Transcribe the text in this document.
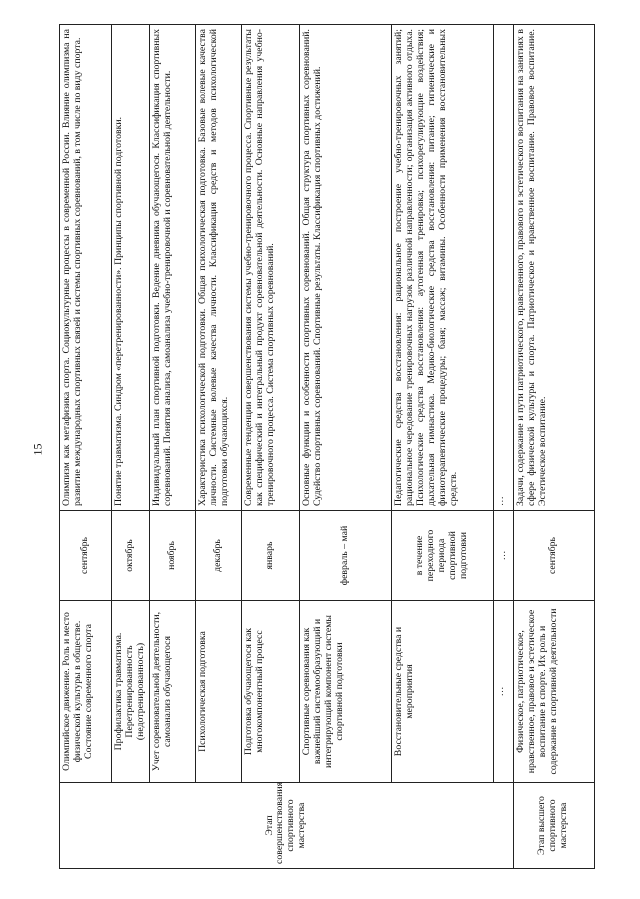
15
Этап совершенствования спортивного мастерства	Олимпийское движение. Роль и место физической культуры в обществе. Состояние современного спорта	сентябрь	Олимпизм как метафизика спорта. Социокультурные процессы в современной России. Влияние олимпизма на развитие международных спортивных связей и системы спортивных соревнований, в том числе по виду спорта.

	Профилактика травматизма. Перетренированность (недотренированность)	октябрь	Понятие травматизма. Синдром «перетренированности». Принципы спортивной подготовки.

	Учет соревновательной деятельности, самоанализ обучающегося	ноябрь	Индивидуальный план спортивной подготовки. Ведение дневника обучающегося. Классификация спортивных соревнований. Понятия анализа, самоанализа учебно-тренировочной и соревновательной деятельности.

	Психологическая подготовка	декабрь	Характеристика психологической подготовки. Общая психологическая подготовка. Базовые волевые качества личности. Системные волевые качества личности. Классификация средств и методов психологической подготовки обучающихся.

	Подготовка обучающегося как многокомпонентный процесс	январь	Современные тенденции совершенствования системы учебно-тренировочного процесса. Спортивные результаты как специфический и интегральный продукт соревновательной деятельности. Основные направления учебно-тренировочного процесса. Система спортивных соревнований.

	Спортивные соревнования как важнейший системообразующий и интегрирующий компонент системы спортивной подготовки	февраль – май	Основные функции и особенности спортивных соревнований. Общая структура спортивных соревнований. Судейство спортивных соревнований. Спортивные результаты. Классификация спортивных достижений.

	Восстановительные средства и мероприятия	в течение переходного периода спортивной подготовки	Педагогические средства восстановления: рациональное построение учебно-тренировочных занятий; рациональное чередование тренировочных нагрузок различной направленности; организация активного отдыха. Психологические средства восстановления: аутогенная тренировка; психорегулирующие воздействия; дыхательная гимнастика. Медико-биологические средства восстановления: питание; гигиенические и физиотерапевтические процедуры; баня; массаж; витамины. Особенности применения восстановительных средств.

	…	…	…

Этап высшего спортивного мастерства	Физическое, патриотическое, нравственное, правовое и эстетическое воспитание в спорте. Их роль и содержание в спортивной деятельности	сентябрь	Задачи, содержание и пути патриотического, нравственного, правового и эстетического воспитания на занятиях в сфере физической культуры и спорта. Патриотическое и нравственное воспитание. Правовое воспитание. Эстетическое воспитание.
